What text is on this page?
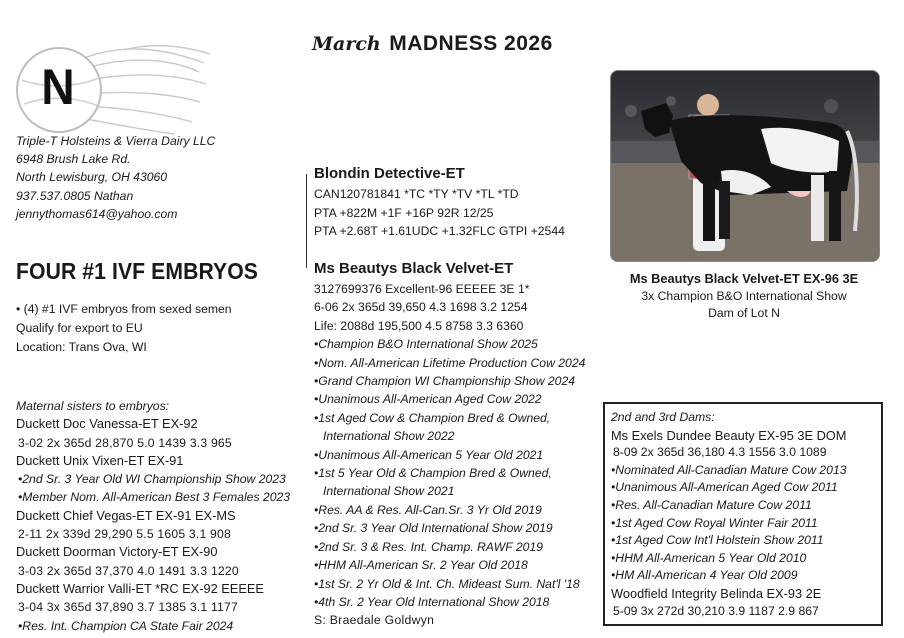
N
March MADNESS 2026
Triple-T Holsteins & Vierra Dairy LLC
6948 Brush Lake Rd.
North Lewisburg, OH 43060
937.537.0805 Nathan
jennythomas614@yahoo.com
FOUR #1 IVF EMBRYOS
• (4) #1 IVF embryos from sexed semen
Qualify for export to EU
Location: Trans Ova, WI
Maternal sisters to embryos:
Duckett Doc Vanessa-ET EX-92
3-02 2x 365d 28,870 5.0 1439 3.3 965
Duckett Unix Vixen-ET EX-91
•2nd Sr. 3 Year Old WI Championship Show 2023
•Member Nom. All-American Best 3 Females 2023
Duckett Chief Vegas-ET EX-91 EX-MS
2-11 2x 339d 29,290 5.5 1605 3.1 908
Duckett Doorman Victory-ET EX-90
3-03 2x 365d 37,370 4.0 1491 3.3 1220
Duckett Warrior Valli-ET *RC EX-92 EEEEE
3-04 3x 365d 37,890 3.7 1385 3.1 1177
•Res. Int. Champion CA State Fair 2024
Blondin Detective-ET
CAN120781841 *TC *TY *TV *TL *TD
PTA +822M +1F +16P 92R 12/25
PTA +2.68T +1.61UDC +1.32FLC GTPI +2544
Ms Beautys Black Velvet-ET
3127699376 Excellent-96 EEEEE 3E 1*
6-06 2x 365d 39,650 4.3 1698 3.2 1254
Life: 2088d 195,500 4.5 8758 3.3 6360
•Champion B&O International Show 2025
•Nom. All-American Lifetime Production Cow 2024
•Grand Champion WI Championship Show 2024
•Unanimous All-American Aged Cow 2022
•1st Aged Cow & Champion Bred & Owned,
International Show 2022
•Unanimous All-American 5 Year Old 2021
•1st 5 Year Old & Champion Bred & Owned,
International Show 2021
•Res. AA & Res. All-Can.Sr. 3 Yr Old 2019
•2nd Sr. 3 Year Old International Show 2019
•2nd Sr. 3 & Res. Int. Champ. RAWF 2019
•HHM All-American Sr. 2 Year Old 2018
•1st Sr. 2 Yr Old & Int. Ch. Mideast Sum. Nat'l '18
•4th Sr. 2 Year Old International Show 2018
S: Braedale Goldwyn
Ms Beautys Black Velvet-ET EX-96 3E
3x Champion B&O International Show
Dam of Lot N
2nd and 3rd Dams:
Ms Exels Dundee Beauty EX-95 3E DOM
8-09 2x 365d 36,180 4.3 1556 3.0 1089
•Nominated All-Canadian Mature Cow 2013
•Unanimous All-American Aged Cow 2011
•Res. All-Canadian Mature Cow 2011
•1st Aged Cow Royal Winter Fair 2011
•1st Aged Cow Int'l Holstein Show 2011
•HHM All-American 5 Year Old 2010
•HM All-American 4 Year Old 2009
Woodfield Integrity Belinda EX-93 2E
5-09 3x 272d 30,210 3.9 1187 2.9 867
